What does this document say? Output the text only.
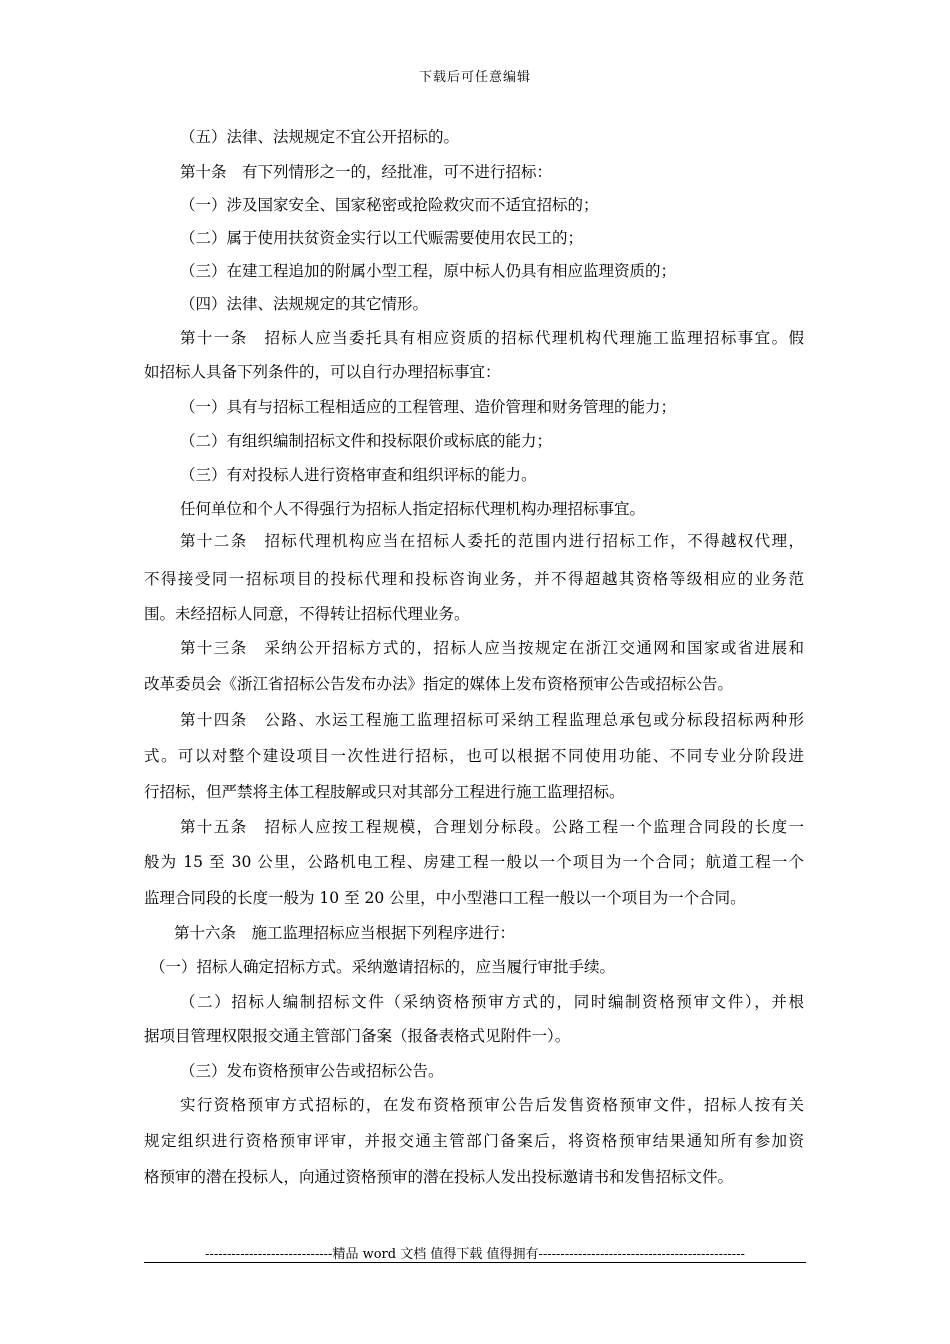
下载后可任意编辑
（五）法律、法规规定不宜公开招标的。
第十条　有下列情形之一的，经批准，可不进行招标：
（一）涉及国家安全、国家秘密或抢险救灾而不适宜招标的；
（二）属于使用扶贫资金实行以工代赈需要使用农民工的；
（三）在建工程追加的附属小型工程，原中标人仍具有相应监理资质的；
（四）法律、法规规定的其它情形。
第十一条　招标人应当委托具有相应资质的招标代理机构代理施工监理招标事宜。假
如招标人具备下列条件的，可以自行办理招标事宜：
（一）具有与招标工程相适应的工程管理、造价管理和财务管理的能力；
（二）有组织编制招标文件和投标限价或标底的能力；
（三）有对投标人进行资格审查和组织评标的能力。
任何单位和个人不得强行为招标人指定招标代理机构办理招标事宜。
第十二条　招标代理机构应当在招标人委托的范围内进行招标工作，不得越权代理，
不得接受同一招标项目的投标代理和投标咨询业务，并不得超越其资格等级相应的业务范
围。未经招标人同意，不得转让招标代理业务。
第十三条　采纳公开招标方式的，招标人应当按规定在浙江交通网和国家或省进展和
改革委员会《浙江省招标公告发布办法》指定的媒体上发布资格预审公告或招标公告。
第十四条　公路、水运工程施工监理招标可采纳工程监理总承包或分标段招标两种形
式。可以对整个建设项目一次性进行招标，也可以根据不同使用功能、不同专业分阶段进
行招标，但严禁将主体工程肢解或只对其部分工程进行施工监理招标。
第十五条　招标人应按工程规模，合理划分标段。公路工程一个监理合同段的长度一
般为 15 至 30 公里，公路机电工程、房建工程一般以一个项目为一个合同；航道工程一个
监理合同段的长度一般为 10 至 20 公里，中小型港口工程一般以一个项目为一个合同。
第十六条　施工监理招标应当根据下列程序进行：
（一）招标人确定招标方式。采纳邀请招标的，应当履行审批手续。
（二）招标人编制招标文件（采纳资格预审方式的，同时编制资格预审文件），并根
据项目管理权限报交通主管部门备案（报备表格式见附件一）。
（三）发布资格预审公告或招标公告。
实行资格预审方式招标的，在发布资格预审公告后发售资格预审文件，招标人按有关
规定组织进行资格预审评审，并报交通主管部门备案后，将资格预审结果通知所有参加资
格预审的潜在投标人，向通过资格预审的潜在投标人发出投标邀请书和发售招标文件。
-----------------------------精品 word 文档 值得下载 值得拥有-----------------------------------------------
